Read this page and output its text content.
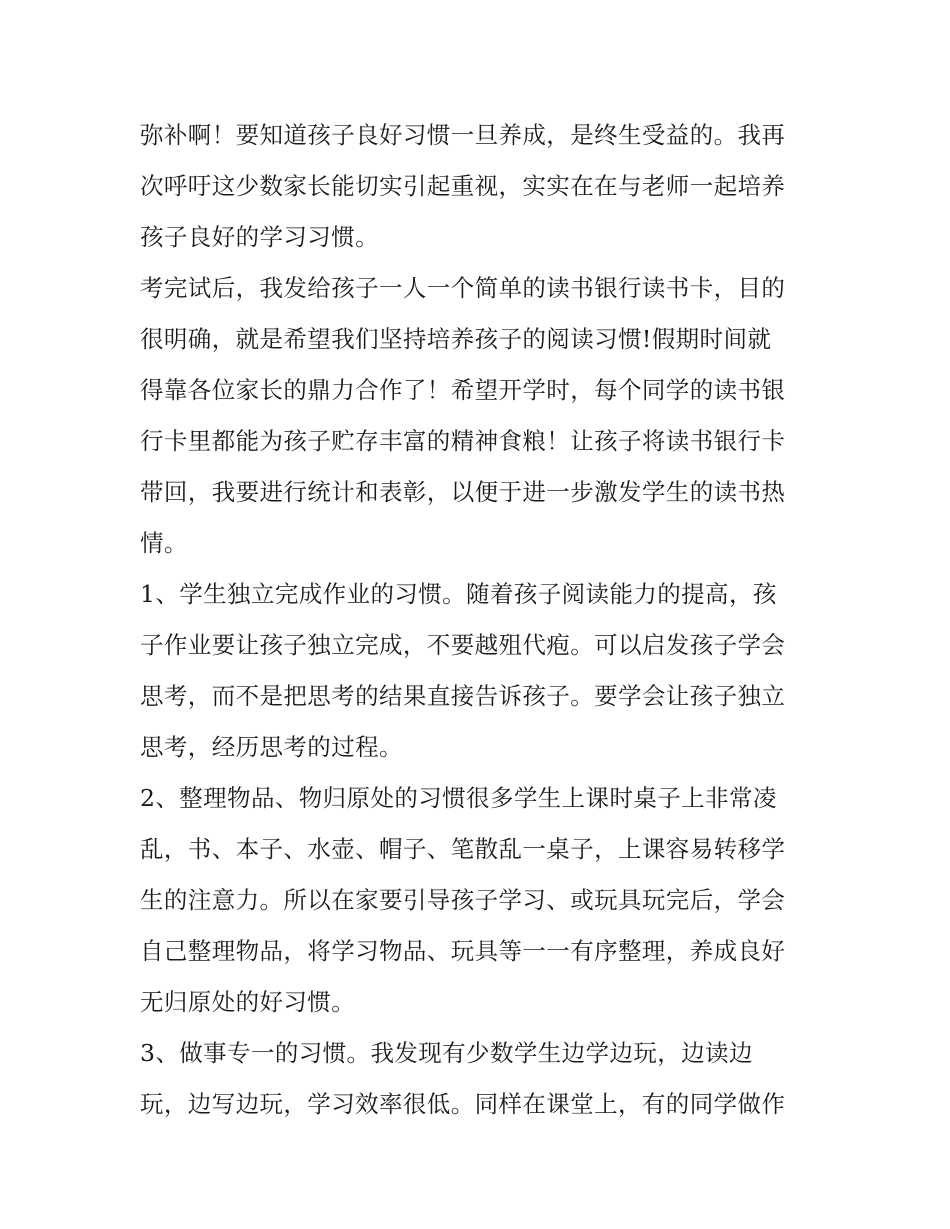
弥补啊！要知道孩子良好习惯一旦养成，是终生受益的。我再
次呼吁这少数家长能切实引起重视，实实在在与老师一起培养
孩子良好的学习习惯。
考完试后，我发给孩子一人一个简单的读书银行读书卡，目的
很明确，就是希望我们坚持培养孩子的阅读习惯!假期时间就
得靠各位家长的鼎力合作了！希望开学时，每个同学的读书银
行卡里都能为孩子贮存丰富的精神食粮！让孩子将读书银行卡
带回，我要进行统计和表彰，以便于进一步激发学生的读书热
情。
1、学生独立完成作业的习惯。随着孩子阅读能力的提高，孩
子作业要让孩子独立完成，不要越殂代疱。可以启发孩子学会
思考，而不是把思考的结果直接告诉孩子。要学会让孩子独立
思考，经历思考的过程。
2、整理物品、物归原处的习惯很多学生上课时桌子上非常凌
乱，书、本子、水壶、帽子、笔散乱一桌子，上课容易转移学
生的注意力。所以在家要引导孩子学习、或玩具玩完后，学会
自己整理物品，将学习物品、玩具等一一有序整理，养成良好
无归原处的好习惯。
3、做事专一的习惯。我发现有少数学生边学边玩，边读边
玩，边写边玩，学习效率很低。同样在课堂上，有的同学做作
